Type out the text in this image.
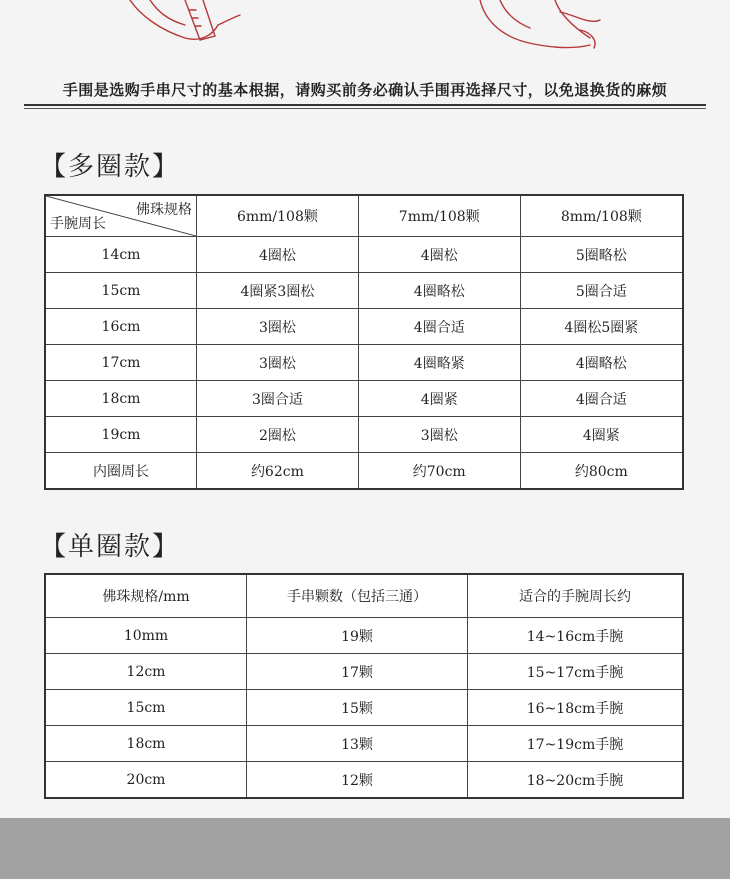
手围是选购手串尺寸的基本根据，请购买前务必确认手围再选择尺寸，以免退换货的麻烦
【多圈款】
佛珠规格
手腕周长	6mm/108颗	7mm/108颗	8mm/108颗
14cm	4圈松	4圈松	5圈略松
15cm	4圈紧3圈松	4圈略松	5圈合适
16cm	3圈松	4圈合适	4圈松5圈紧
17cm	3圈松	4圈略紧	4圈略松
18cm	3圈合适	4圈紧	4圈合适
19cm	2圈松	3圈松	4圈紧
内圈周长	约62cm	约70cm	约80cm
【单圈款】
佛珠规格/mm	手串颗数（包括三通）	适合的手腕周长约
10mm	19颗	14~16cm手腕
12cm	17颗	15~17cm手腕
15cm	15颗	16~18cm手腕
18cm	13颗	17~19cm手腕
20cm	12颗	18~20cm手腕
